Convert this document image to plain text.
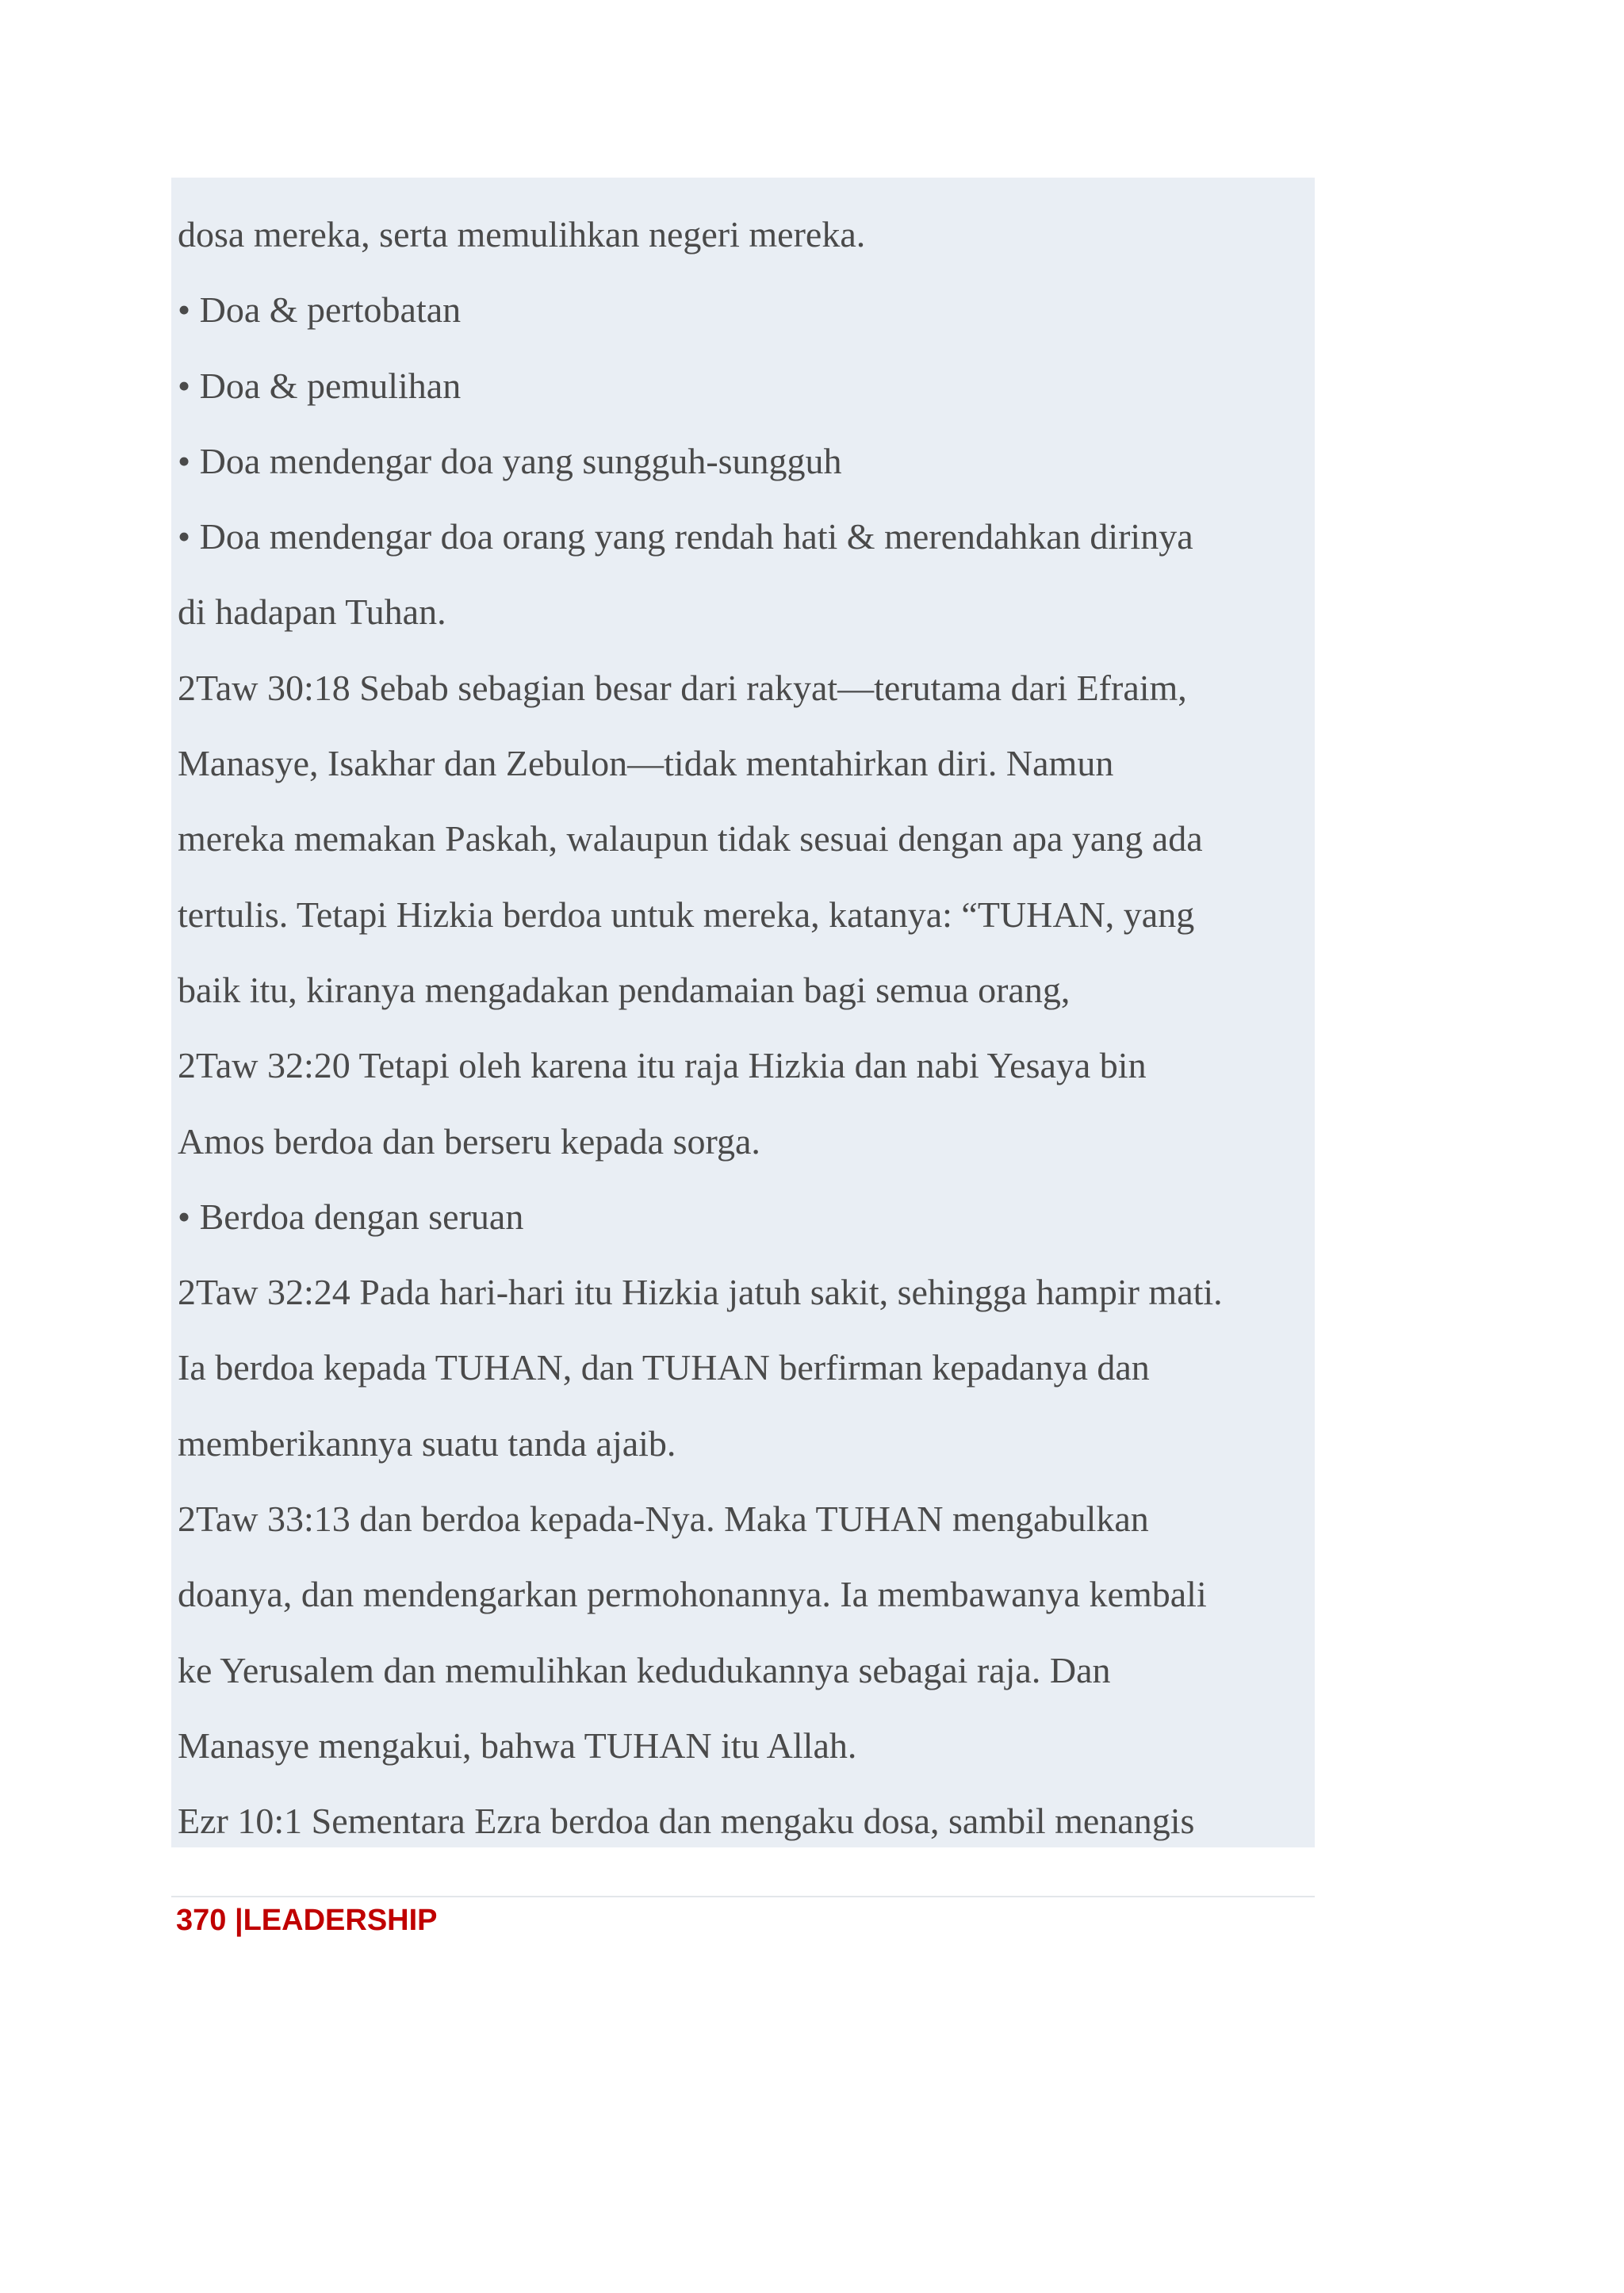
dosa mereka, serta memulihkan negeri mereka.
• Doa & pertobatan
• Doa & pemulihan
• Doa mendengar doa yang sungguh-sungguh
• Doa mendengar doa orang yang rendah hati & merendahkan dirinya
di hadapan Tuhan.
2Taw 30:18 Sebab sebagian besar dari rakyat—terutama dari Efraim,
Manasye, Isakhar dan Zebulon—tidak mentahirkan diri. Namun
mereka memakan Paskah, walaupun tidak sesuai dengan apa yang ada
tertulis. Tetapi Hizkia berdoa untuk mereka, katanya: “TUHAN, yang
baik itu, kiranya mengadakan pendamaian bagi semua orang,
2Taw 32:20 Tetapi oleh karena itu raja Hizkia dan nabi Yesaya bin
Amos berdoa dan berseru kepada sorga.
• Berdoa dengan seruan
2Taw 32:24 Pada hari-hari itu Hizkia jatuh sakit, sehingga hampir mati.
Ia berdoa kepada TUHAN, dan TUHAN berfirman kepadanya dan
memberikannya suatu tanda ajaib.
2Taw 33:13 dan berdoa kepada-Nya. Maka TUHAN mengabulkan
doanya, dan mendengarkan permohonannya. Ia membawanya kembali
ke Yerusalem dan memulihkan kedudukannya sebagai raja. Dan
Manasye mengakui, bahwa TUHAN itu Allah.
Ezr 10:1 Sementara Ezra berdoa dan mengaku dosa, sambil menangis
370 |LEADERSHIP
